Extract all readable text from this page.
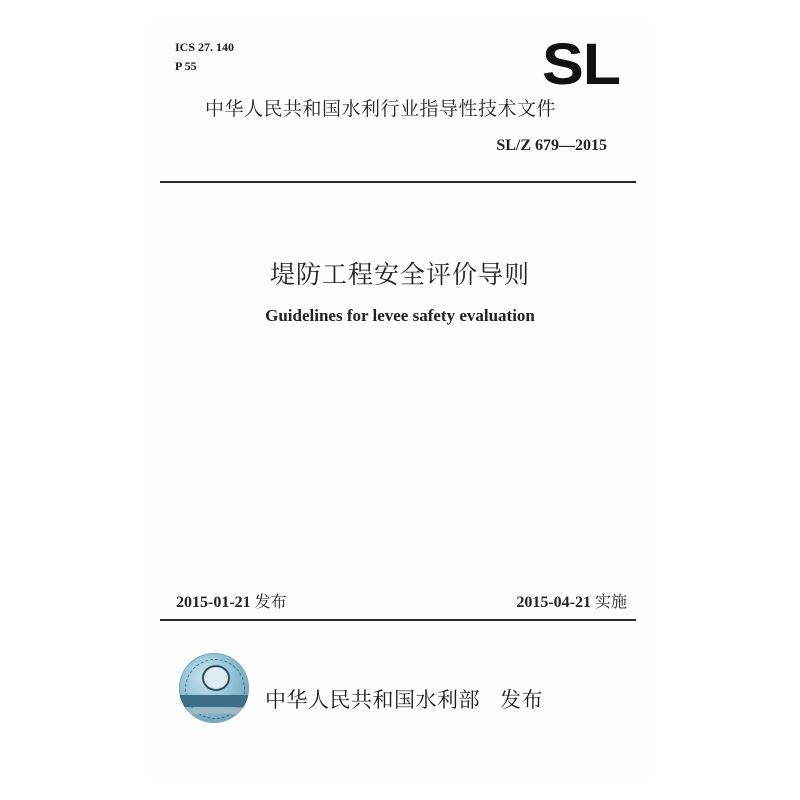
ICS 27. 140

P 55	SL

中华人民共和国水利行业指导性技术文件

SL/Z 679—2015

堤防工程安全评价导则

Guidelines for levee safety evaluation

2015-01-21 发布	2015-04-21 实施

中华人民共和国水利部 发布
